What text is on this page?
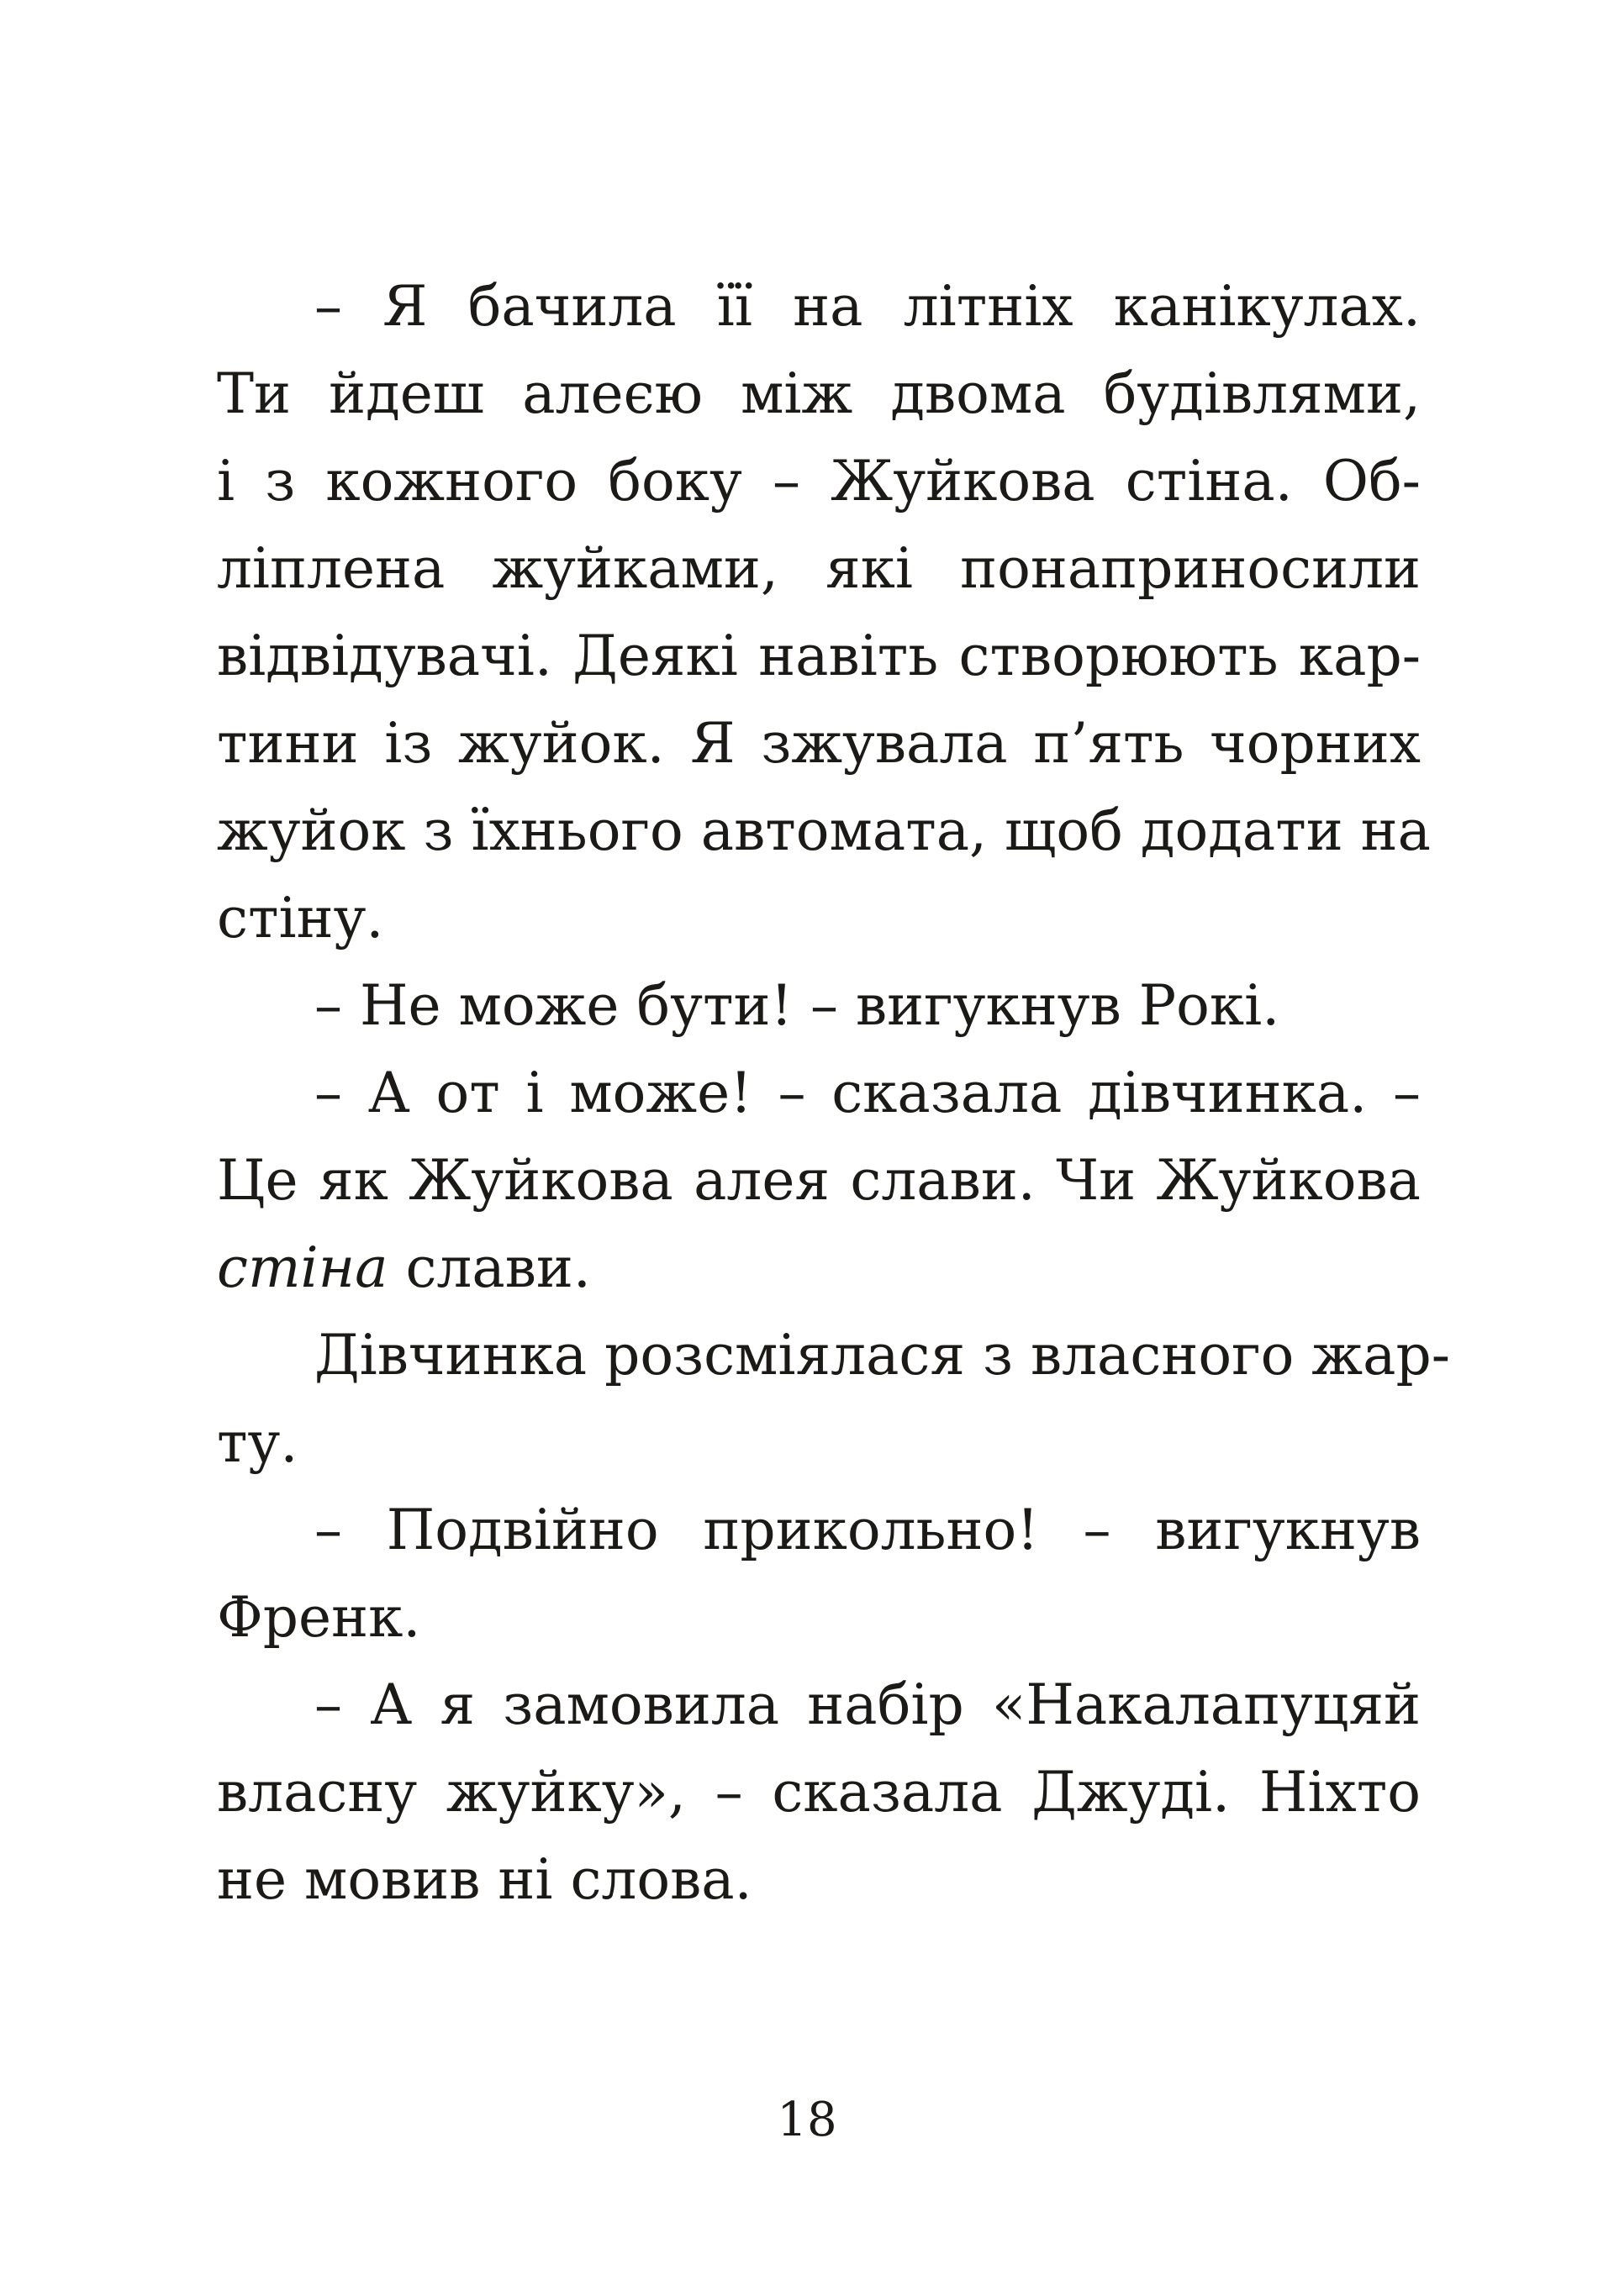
– Я бачила її на літніх канікулах.
Ти йдеш алеєю між двома будівлями,
і з кожного боку – Жуйкова стіна. Об-
ліплена жуйками, які понаприносили
відвідувачі. Деякі навіть створюють кар-
тини із жуйок. Я зжувала п’ять чорних
жуйок з їхнього автомата, щоб додати на
стіну.
– Не може бути! – вигукнув Рокі.
– А от і може! – сказала дівчинка. –
Це як Жуйкова алея слави. Чи Жуйкова
стіна слави.
Дівчинка розсміялася з власного жар-
ту.
– Подвійно прикольно! – вигукнув
Френк.
– А я замовила набір «Накалапуцяй
власну жуйку», – сказала Джуді. Ніхто
не мовив ні слова.
18
